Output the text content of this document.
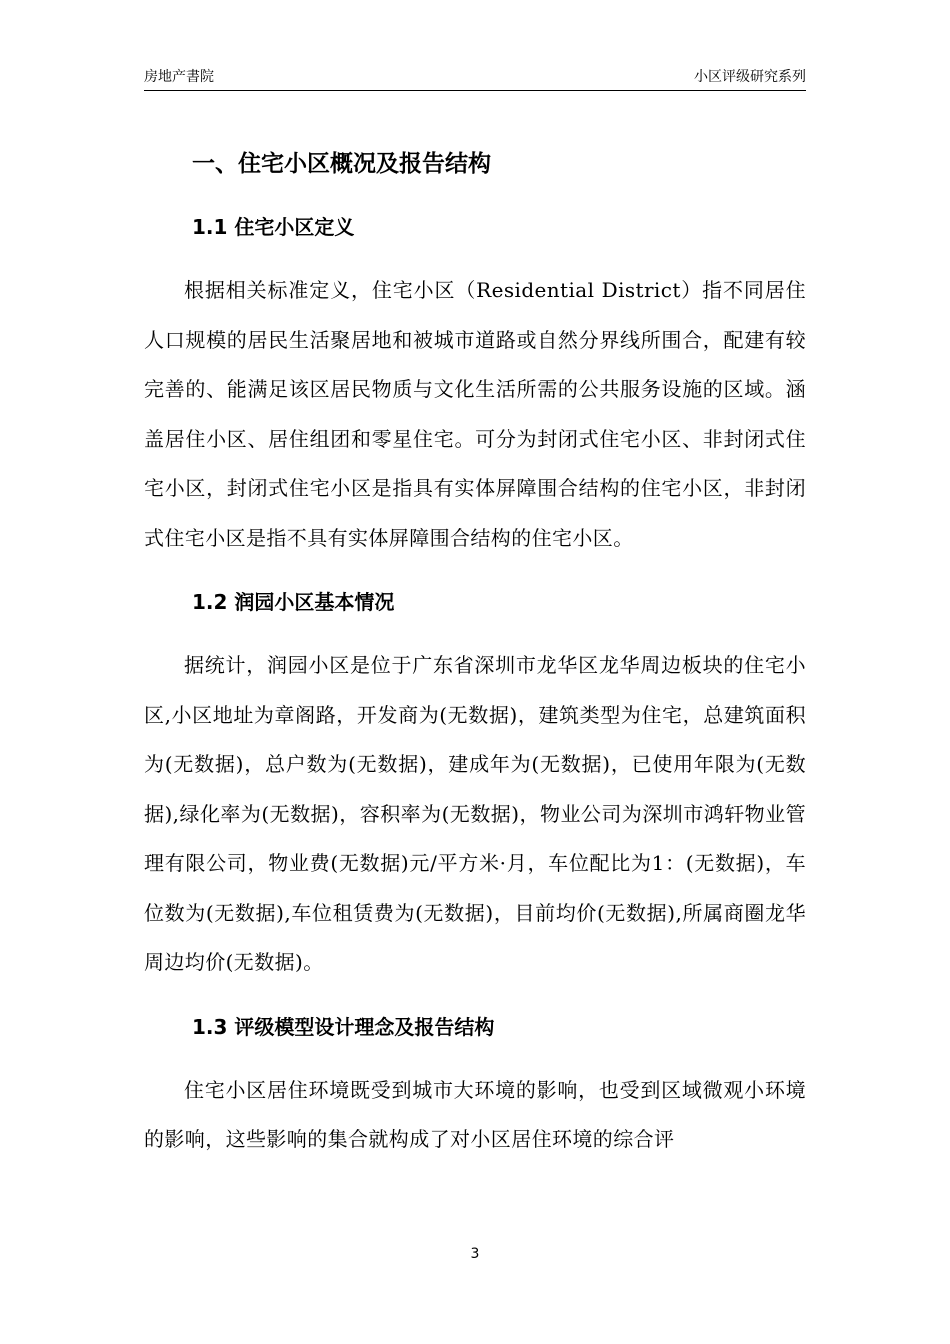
房地产書院	小区评级研究系列
一、住宅小区概况及报告结构
1.1 住宅小区定义

根据相关标准定义，住宅小区（Residential District）指不同居住人口规模的居民生活聚居地和被城市道路或自然分界线所围合，配建有较完善的、能满足该区居民物质与文化生活所需的公共服务设施的区域。涵盖居住小区、居住组团和零星住宅。可分为封闭式住宅小区、非封闭式住宅小区，封闭式住宅小区是指具有实体屏障围合结构的住宅小区，非封闭式住宅小区是指不具有实体屏障围合结构的住宅小区。

1.2 润园小区基本情况

据统计，润园小区是位于广东省深圳市龙华区龙华周边板块的住宅小区,小区地址为章阁路，开发商为(无数据)，建筑类型为住宅，总建筑面积为(无数据)，总户数为(无数据)，建成年为(无数据)，已使用年限为(无数据),绿化率为(无数据)，容积率为(无数据)，物业公司为深圳市鸿轩物业管理有限公司，物业费(无数据)元/平方米·月，车位配比为1：(无数据)，车位数为(无数据),车位租赁费为(无数据)，目前均价(无数据),所属商圈龙华周边均价(无数据)。

1.3 评级模型设计理念及报告结构

住宅小区居住环境既受到城市大环境的影响，也受到区域微观小环境的影响，这些影响的集合就构成了对小区居住环境的综合评

3
